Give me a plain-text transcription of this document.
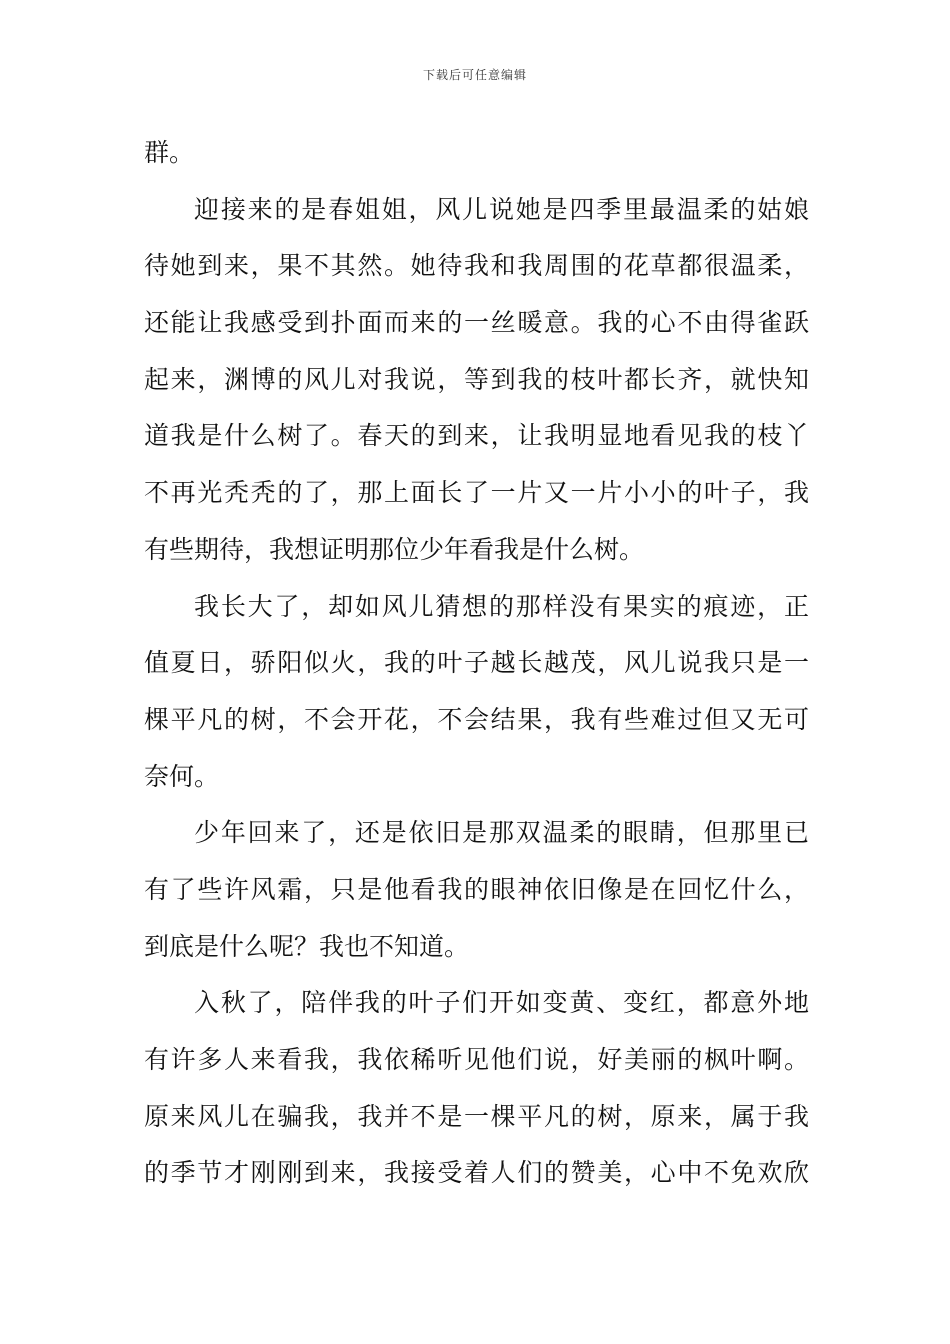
下载后可任意编辑
群。
迎接来的是春姐姐，风儿说她是四季里最温柔的姑娘
待她到来，果不其然。她待我和我周围的花草都很温柔，
还能让我感受到扑面而来的一丝暖意。我的心不由得雀跃
起来，渊博的风儿对我说，等到我的枝叶都长齐，就快知
道我是什么树了。春天的到来，让我明显地看见我的枝丫
不再光秃秃的了，那上面长了一片又一片小小的叶子，我
有些期待，我想证明那位少年看我是什么树。
我长大了，却如风儿猜想的那样没有果实的痕迹，正
值夏日，骄阳似火，我的叶子越长越茂，风儿说我只是一
棵平凡的树，不会开花，不会结果，我有些难过但又无可
奈何。
少年回来了，还是依旧是那双温柔的眼睛，但那里已
有了些许风霜，只是他看我的眼神依旧像是在回忆什么，
到底是什么呢？我也不知道。
入秋了，陪伴我的叶子们开如变黄、变红，都意外地
有许多人来看我，我依稀听见他们说，好美丽的枫叶啊。
原来风儿在骗我，我并不是一棵平凡的树，原来，属于我
的季节才刚刚到来，我接受着人们的赞美，心中不免欢欣
